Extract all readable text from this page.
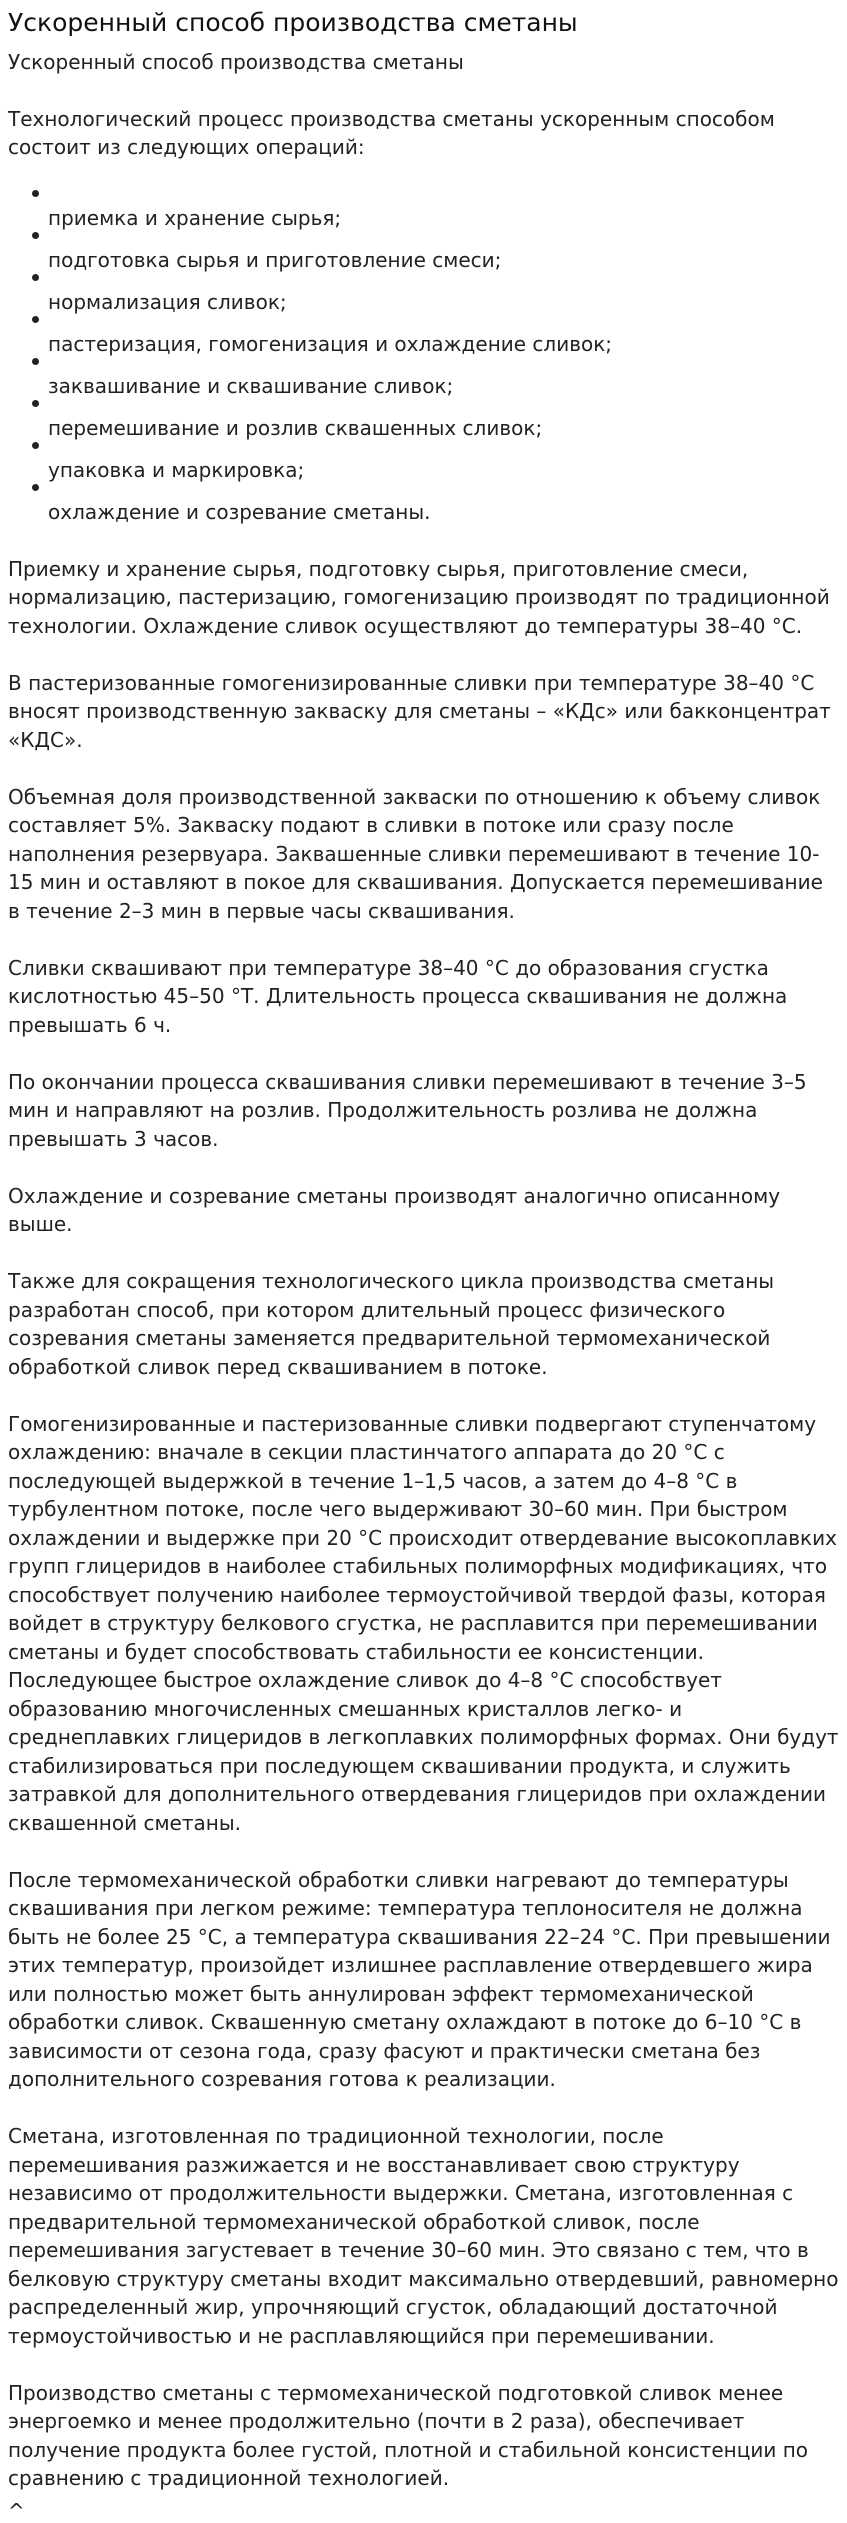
Ускоренный способ производства сметаны
Ускоренный способ производства сметаны

Технологический процесс производства сметаны ускоренным способом состоит из следующих операций:

приемка и хранение сырья;
подготовка сырья и приготовление смеси;
нормализация сливок;
пастеризация, гомогенизация и охлаждение сливок;
заквашивание и сквашивание сливок;
перемешивание и розлив сквашенных сливок;
упаковка и маркировка;
охлаждение и созревание сметаны.

Приемку и хранение сырья, подготовку сырья, приготовление смеси, нормализацию, пастеризацию, гомогенизацию производят по традиционной технологии. Охлаждение сливок осуществляют до температуры 38–40 °С.

В пастеризованные гомогенизированные сливки при температуре 38–40 °С вносят производственную закваску для сметаны – «КДс» или бакконцентрат «КДС».

Объемная доля производственной закваски по отношению к объему сливок составляет 5%. Закваску подают в сливки в потоке или сразу после наполнения резервуара. Заквашенные сливки перемешивают в течение 10-15 мин и оставляют в покое для сквашивания. Допускается перемешивание в течение 2–3 мин в первые часы сквашивания.

Сливки сквашивают при температуре 38–40 °С до образования сгустка кислотностью 45–50 °Т. Длительность процесса сквашивания не должна превышать 6 ч.

По окончании процесса сквашивания сливки перемешивают в течение 3–5 мин и направляют на розлив. Продолжительность розлива не должна превышать 3 часов.

Охлаждение и созревание сметаны производят аналогично описанному выше.

Также для сокращения технологического цикла производства сметаны разработан способ, при котором длительный процесс физического созревания сметаны заменяется предварительной термомеханической обработкой сливок перед сквашиванием в потоке.

Гомогенизированные и пастеризованные сливки подвергают ступенчатому охлаждению: вначале в секции пластинчатого аппарата до 20 °С с последующей выдержкой в течение 1–1,5 часов, а затем до 4–8 °С в турбулентном потоке, после чего выдерживают 30–60 мин. При быстром охлаждении и выдержке при 20 °С происходит отвердевание высокоплавких групп глицеридов в наиболее стабильных полиморфных модификациях, что способствует получению наиболее термоустойчивой твердой фазы, которая войдет в структуру белкового сгустка, не расплавится при перемешивании сметаны и будет способствовать стабильности ее консистенции. Последующее быстрое охлаждение сливок до 4–8 °С способствует образованию многочисленных смешанных кристаллов легко- и среднеплавких глицеридов в легкоплавких полиморфных формах. Они будут стабилизироваться при последующем сквашивании продукта, и служить затравкой для дополнительного отвердевания глицеридов при охлаждении сквашенной сметаны.

После термомеханической обработки сливки нагревают до температуры сквашивания при легком режиме: температура теплоносителя не должна быть не более 25 °С, а температура сквашивания 22–24 °С. При превышении этих температур, произойдет излишнее расплавление отвердевшего жира или полностью может быть аннулирован эффект термомеханической обработки сливок. Сквашенную сметану охлаждают в потоке до 6–10 °С в зависимости от сезона года, сразу фасуют и практически сметана без дополнительного созревания готова к реализации.

Сметана, изготовленная по традиционной технологии, после перемешивания разжижается и не восстанавливает свою структуру независимо от продолжительности выдержки. Сметана, изготовленная с предварительной термомеханической обработкой сливок, после перемешивания загустевает в течение 30–60 мин. Это связано с тем, что в белковую структуру сметаны входит максимально отвердевший, равномерно распределенный жир, упрочняющий сгусток, обладающий достаточной термоустойчивостью и не расплавляющийся при перемешивании.

Производство сметаны с термомеханической подготовкой сливок менее энергоемко и менее продолжительно (почти в 2 раза), обеспечивает получение продукта более густой, плотной и стабильной консистенции по сравнению с традиционной технологией.

^
